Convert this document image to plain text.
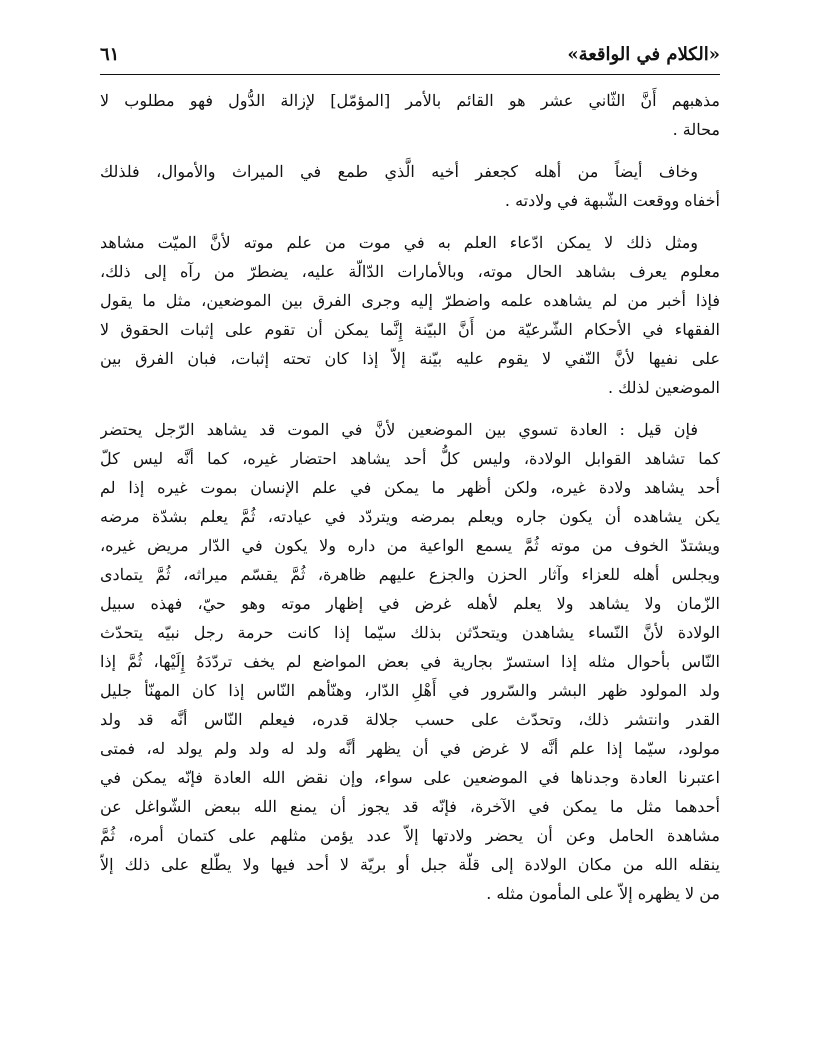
«الكلام في الواقعة»
٦١
مذهبهم أَنَّ الثّاني عشر هو القائم بالأمر [المؤمّل] لإزالة الدُّول فهو مطلوب لا
محالة .
وخاف أيضاً من أهله كجعفر أخيه الَّذي طمع في الميراث والأموال، فلذلك
أخفاه ووقعت الشّبهة في ولادته .
ومثل ذلك لا يمكن ادّعاء العلم به في موت من علم موته لأنَّ الميّت مشاهد
معلوم يعرف بشاهد الحال موته، وبالأمارات الدّالّة عليه، يضطرّ من رآه إلى ذلك،
فإذا أخبر من لم يشاهده علمه واضطرّ إليه وجرى الفرق بين الموضعين، مثل ما يقول
الفقهاء في الأحكام الشّرعيّة من أَنَّ البيّنة إِنَّما يمكن أن تقوم على إثبات الحقوق لا
على نفيها لأنَّ النّفي لا يقوم عليه بيّنة إلاّ إذا كان تحته إثبات، فبان الفرق بين
الموضعين لذلك .
فإن قيل : العادة تسوي بين الموضعين لأنَّ في الموت قد يشاهد الرّجل يحتضر
كما تشاهد القوابل الولادة، وليس كلُّ أحد يشاهد احتضار غيره، كما أنَّه ليس كلّ
أحد يشاهد ولادة غيره، ولكن أظهر ما يمكن في علم الإنسان بموت غيره إذا لم
يكن يشاهده أن يكون جاره ويعلم بمرضه ويتردّد في عيادته، ثُمَّ يعلم بشدّة مرضه
ويشتدّ الخوف من موته ثُمَّ يسمع الواعية من داره ولا يكون في الدّار مريض غيره،
ويجلس أهله للعزاء وآثار الحزن والجزع عليهم ظاهرة، ثُمَّ يقسّم ميراثه، ثُمَّ يتمادى
الزّمان ولا يشاهد ولا يعلم لأهله غرض في إظهار موته وهو حيّ، فهذه سبيل
الولادة لأنَّ النّساء يشاهدن ويتحدّثن بذلك سيّما إذا كانت حرمة رجل نبيّه يتحدّث
النّاس بأحوال مثله إذا استسرّ بجارية في بعض المواضع لم يخف تردّدَهُ إِلَيْها، ثُمَّ إذا
ولد المولود ظهر البشر والسّرور في أَهْلِ الدّار، وهنّأهم النّاس إذا كان المهنّأ جليل
القدر وانتشر ذلك، وتحدّث على حسب جلالة قدره، فيعلم النّاس أنَّه قد ولد
مولود، سيّما إذا علم أنَّه لا غرض في أن يظهر أنَّه ولد له ولد ولم يولد له، فمتى
اعتبرنا العادة وجدناها في الموضعين على سواء، وإن نقض الله العادة فإنّه يمكن في
أحدهما مثل ما يمكن في الآخرة، فإنّه قد يجوز أن يمنع الله ببعض الشّواغل عن
مشاهدة الحامل وعن أن يحضر ولادتها إلاّ عدد يؤمن مثلهم على كتمان أمره، ثُمَّ
ينقله الله من مكان الولادة إلى قلّة جبل أو بريّة لا أحد فيها ولا يطّلع على ذلك إلاّ
من لا يظهره إلاّ على المأمون مثله .
